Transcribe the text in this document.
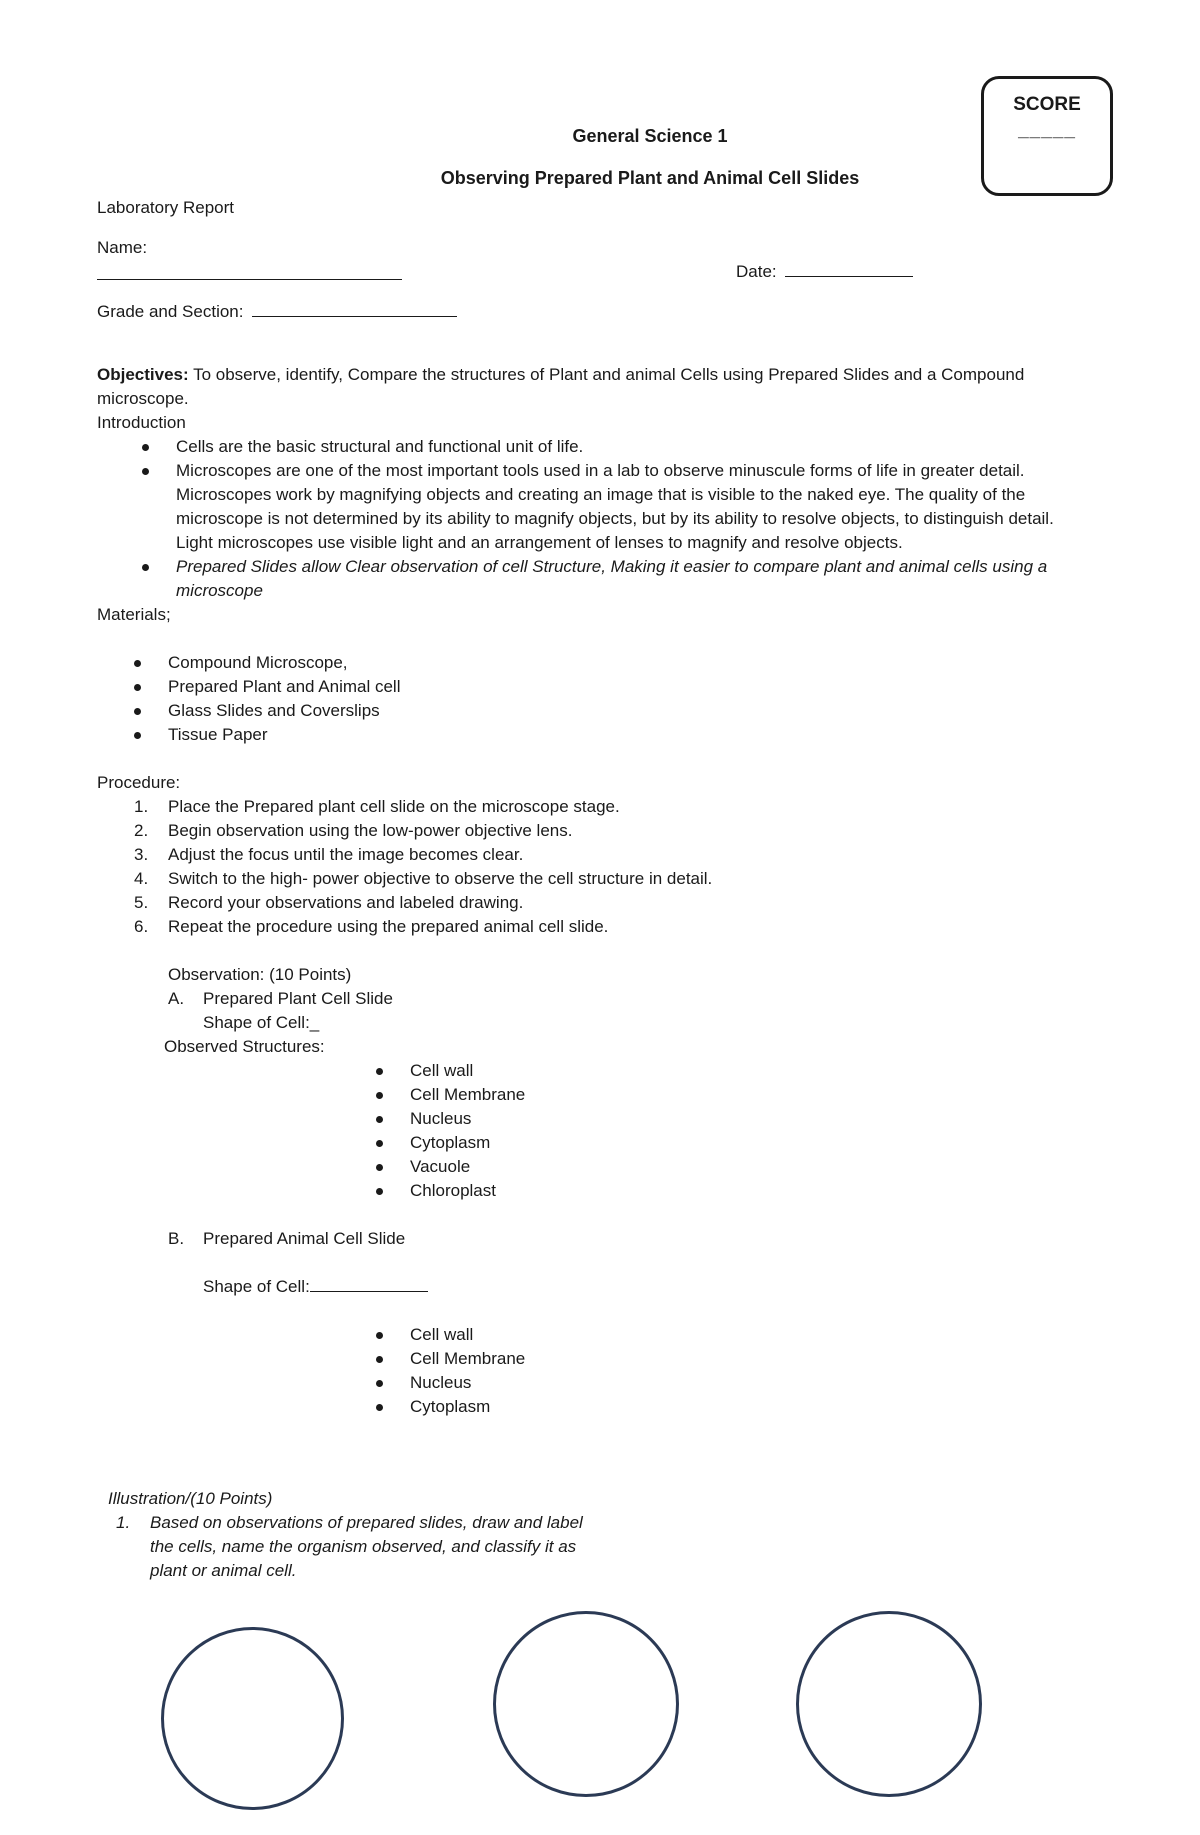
SCORE
_____
General Science 1
Observing Prepared Plant and Animal Cell Slides
Laboratory Report
Name:
Date:
Grade and Section:
Objectives: To observe, identify, Compare the structures of Plant and animal Cells using Prepared Slides and a Compound
microscope.
Introduction
Cells are the basic structural and functional unit of life.
Microscopes are one of the most important tools used in a lab to observe minuscule forms of life in greater detail.
Microscopes work by magnifying objects and creating an image that is visible to the naked eye. The quality of the
microscope is not determined by its ability to magnify objects, but by its ability to resolve objects, to distinguish detail.
Light microscopes use visible light and an arrangement of lenses to magnify and resolve objects.
Prepared Slides allow Clear observation of cell Structure, Making it easier to compare plant and animal cells using a
microscope
Materials;
Compound Microscope,
Prepared Plant and Animal cell
Glass Slides and Coverslips
Tissue Paper
Procedure:
1. Place the Prepared plant cell slide on the microscope stage.
2. Begin observation using the low-power objective lens.
3. Adjust the focus until the image becomes clear.
4. Switch to the high- power objective to observe the cell structure in detail.
5. Record your observations and labeled drawing.
6. Repeat the procedure using the prepared animal cell slide.
Observation: (10 Points)
A. Prepared Plant Cell Slide
Shape of Cell:_
Observed Structures:
Cell wall
Cell Membrane
Nucleus
Cytoplasm
Vacuole
Chloroplast
B. Prepared Animal Cell Slide
Shape of Cell:
Cell wall
Cell Membrane
Nucleus
Cytoplasm
Illustration/(10 Points)
1. Based on observations of prepared slides, draw and label
the cells, name the organism observed, and classify it as
plant or animal cell.
